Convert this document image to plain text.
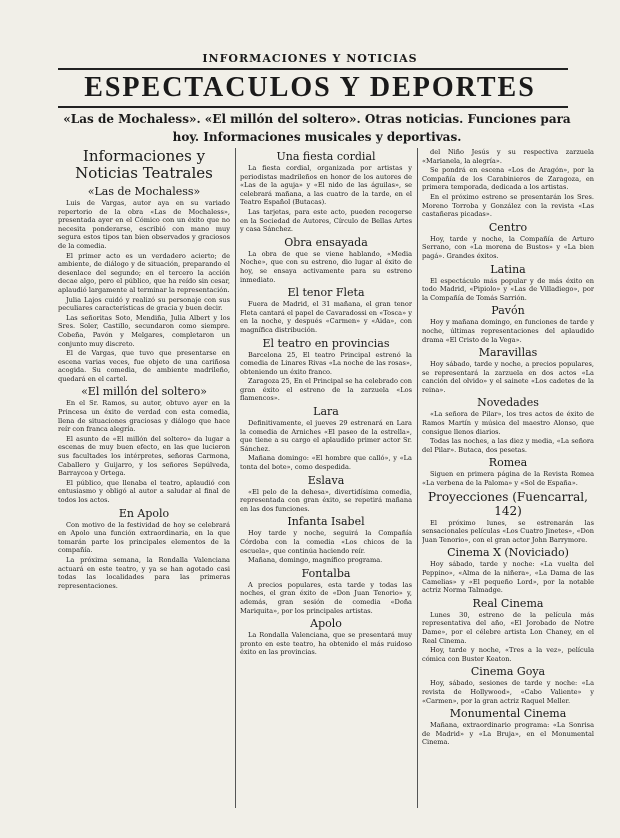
INFORMACIONES Y NOTICIAS
ESPECTACULOS Y DEPORTES
«Las de Mochaless». «El millón del soltero». Otras noticias. Funciones para hoy. Informaciones musicales y deportivas.
Informaciones y Noticias Teatrales
«Las de Mochaless»

Luis de Vargas, autor aya en su variado repertorio de la obra «Las de Mochaless», presentada ayer en el Cómico con un éxito que no necesita ponderarse, escribió con mano muy segura estos tipos tan bien observados y graciosos de la comedia.

El primer acto es un verdadero acierto; de ambiente, de diálogo y de situación, preparando el desenlace del segundo; en el tercero la acción decae algo, pero el público, que ha reído sin cesar, aplaudió largamente al terminar la representación.

Julia Lajos cuidó y realizó su personaje con sus peculiares características de gracia y buen decir.

Las señoritas Soto, Mendiña, Julia Albert y los Sres. Soler, Castillo, secundaron como siempre. Cobeña, Pavón y Melgares, completaron un conjunto muy discreto.

El de Vargas, que tuvo que presentarse en escena varias veces, fue objeto de una cariñosa acogida. Su comedia, de ambiente madrileño, quedará en el cartel.

«El millón del soltero»

En el Sr. Ramos, su autor, obtuvo ayer en la Princesa un éxito de verdad con esta comedia, llena de situaciones graciosas y diálogo que hace reír con franca alegría.

El asunto de «El millón del soltero» da lugar a escenas de muy buen efecto, en las que lucieron sus facultades los intérpretes, señoras Carmona, Caballero y Guijarro, y los señores Sepúlveda, Barraycoa y Ortega.

El público, que llenaba el teatro, aplaudió con entusiasmo y obligó al autor a saludar al final de todos los actos.

En Apolo

Con motivo de la festividad de hoy se celebrará en Apolo una función extraordinaria, en la que tomarán parte los principales elementos de la compañía.

La próxima semana, la Rondalla Valenciana actuará en este teatro, y ya se han agotado casi todas las localidades para las primeras representaciones.

Una fiesta cordial

La fiesta cordial, organizada por artistas y periodistas madrileños en honor de los autores de «Las de la aguja» y «El nido de las águilas», se celebrará mañana, a las cuatro de la tarde, en el Teatro Español (Butacas).

Las tarjetas, para este acto, pueden recogerse en la Sociedad de Autores, Círculo de Bellas Artes y casa Sánchez.

Obra ensayada

La obra de que se viene hablando, «Media Noche», que con su estreno, dio lugar al éxito de hoy, se ensaya activamente para su estreno inmediato.

El tenor Fleta

Fuera de Madrid, el 31 mañana, el gran tenor Fleta cantará el papel de Cavaradossi en «Tosca» y en la noche, y después «Carmen» y «Aida», con magnífica distribución.

El teatro en provincias

Barcelona 25, El teatro Principal estrenó la comedia de Linares Rivas «La noche de las rosas», obteniendo un éxito franco.

Zaragoza 25, En el Principal se ha celebrado con gran éxito el estreno de la zarzuela «Los flamencos».

Lara

Definitivamente, el jueves 29 estrenará en Lara la comedia de Arniches «El paseo de la estrella», que tiene a su cargo el aplaudido primer actor Sr. Sánchez.

Mañana domingo: «El hombre que calló», y «La tonta del bote», como despedida.

Eslava

«El pelo de la dehesa», divertidísima comedia, representada con gran éxito, se repetirá mañana en las dos funciones.

Infanta Isabel

Hoy tarde y noche, seguirá la Compañía Córdoba con la comedia «Los chicos de la escuela», que continúa haciendo reír.

Mañana, domingo, magnífico programa.

Fontalba

A precios populares, esta tarde y todas las noches, el gran éxito de «Don Juan Tenorio» y, además, gran sesión de comedia «Doña Mariquita», por los principales artistas.

Apolo

La Rondalla Valenciana, que se presentará muy pronto en este teatro, ha obtenido el más ruidoso éxito en las provincias.

del Niño Jesús y su respectiva zarzuela «Marianela, la alegría».

Se pondrá en escena «Los de Aragón», por la Compañía de los Carabinieros de Zaragoza, en primera temporada, dedicada a los artistas.

En el próximo estreno se presentarán los Sres. Moreno Torroba y González con la revista «Las castañeras picadas».

Centro

Hoy, tarde y noche, la Compañía de Arturo Serrano, con «La morena de Bustos» y «La bien pagá». Grandes éxitos.

Latina

El espectáculo más popular y de más éxito en todo Madrid, «Pipiolo» y «Las de Villadiego», por la Compañía de Tomás Sarrión.

Pavón

Hoy y mañana domingo, en funciones de tarde y noche, últimas representaciones del aplaudido drama «El Cristo de la Vega».

Maravillas

Hoy sábado, tarde y noche, a precios populares, se representará la zarzuela en dos actos «La canción del olvido» y el sainete «Los cadetes de la reina».

Novedades

«La señora de Pilar», los tres actos de éxito de Ramos Martín y música del maestro Alonso, que consigue llenos diarios.

Todas las noches, a las diez y media, «La señora del Pilar». Butaca, dos pesetas.

Romea

Siguen en primera página de la Revista Romea «La verbena de la Paloma» y «Sol de España».

Proyecciones (Fuencarral, 142)

El próximo lunes, se estrenarán las sensacionales películas «Los Cuatro Jinetes», «Don Juan Tenorio», con el gran actor John Barrymore.

Cinema X (Noviciado)

Hoy sábado, tarde y noche: «La vuelta del Peppino», «Alma de la niñera», «La Dama de las Camelias» y «El pequeño Lord», por la notable actriz Norma Talmadge.

Real Cinema

Lunes 30, estreno de la película más representativa del año, «El Jorobado de Notre Dame», por el célebre artista Lon Chaney, en el Real Cinema.

Hoy, tarde y noche, «Tres a la vez», película cómica con Buster Keaton.

Cinema Goya

Hoy, sábado, sesiones de tarde y noche: «La revista de Hollywood», «Cabo Valiente» y «Carmen», por la gran actriz Raquel Meller.

Monumental Cinema

Mañana, extraordinario programa: «La Sonrisa de Madrid» y «La Bruja», en el Monumental Cinema.
